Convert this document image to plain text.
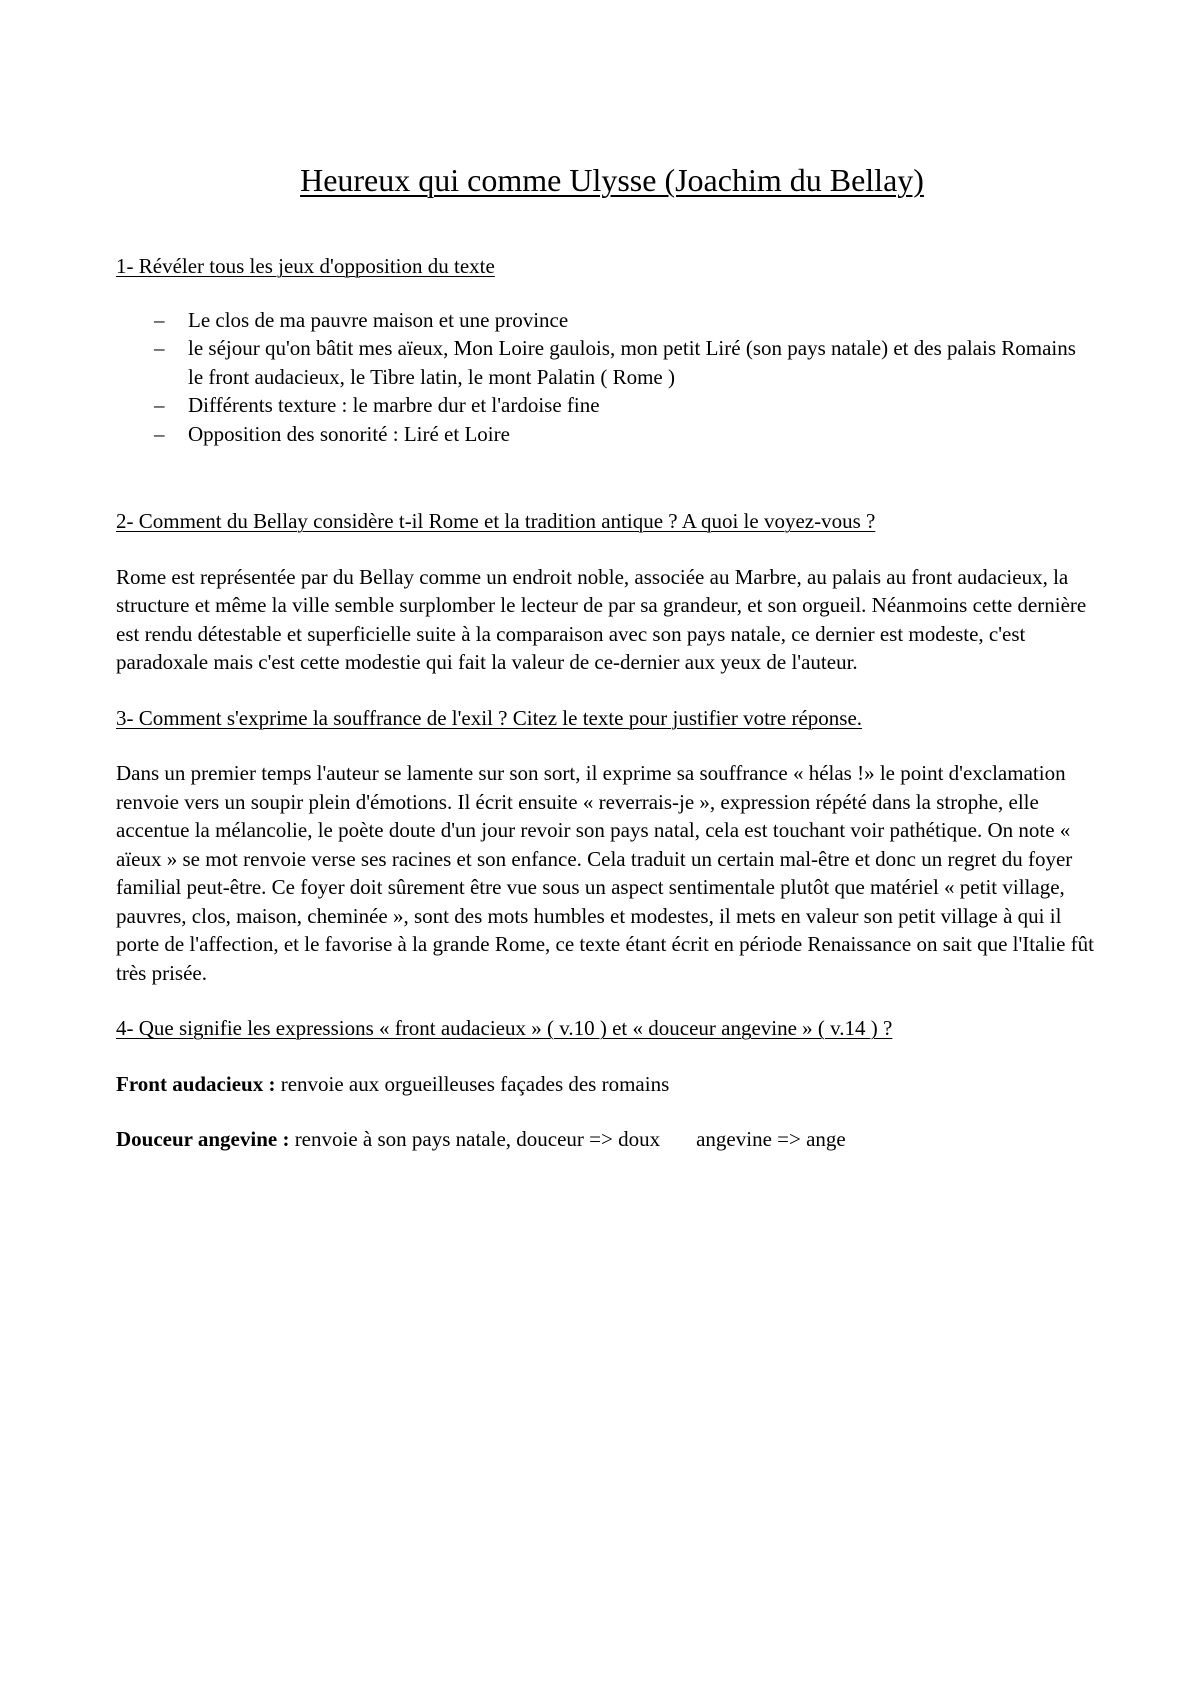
Heureux qui comme Ulysse (Joachim du Bellay)

1- Révéler tous les jeux d'opposition du texte

– Le clos de ma pauvre maison et une province
– le séjour qu'on bâtit mes aïeux, Mon Loire gaulois, mon petit Liré (son pays natale) et des palais Romains le front audacieux, le Tibre latin, le mont Palatin ( Rome )
– Différents texture : le marbre dur et l'ardoise fine
– Opposition des sonorité : Liré et Loire

2- Comment du Bellay considère t-il Rome et la tradition antique ? A quoi le voyez-vous ?

Rome est représentée par du Bellay comme un endroit noble, associée au Marbre, au palais au front audacieux, la structure et même la ville semble surplomber le lecteur de par sa grandeur, et son orgueil. Néanmoins cette dernière est rendu détestable et superficielle suite à la comparaison avec son pays natale, ce dernier est modeste, c'est paradoxale mais c'est cette modestie qui fait la valeur de ce-dernier aux yeux de l'auteur.

3- Comment s'exprime la souffrance de l'exil ? Citez le texte pour justifier votre réponse.

Dans un premier temps l'auteur se lamente sur son sort, il exprime sa souffrance « hélas !» le point d'exclamation renvoie vers un soupir plein d'émotions. Il écrit ensuite « reverrais-je », expression répété dans la strophe, elle accentue la mélancolie, le poète doute d'un jour revoir son pays natal, cela est touchant voir pathétique. On note « aïeux » se mot renvoie verse ses racines et son enfance. Cela traduit un certain mal-être et donc un regret du foyer familial peut-être. Ce foyer doit sûrement être vue sous un aspect sentimentale plutôt que matériel « petit village, pauvres, clos, maison, cheminée », sont des mots humbles et modestes, il mets en valeur son petit village à qui il porte de l'affection, et le favorise à la grande Rome, ce texte étant écrit en période Renaissance on sait que l'Italie fût très prisée.

4- Que signifie les expressions « front audacieux » ( v.10 ) et « douceur angevine » ( v.14 ) ?

Front audacieux : renvoie aux orgueilleuses façades des romains

Douceur angevine : renvoie à son pays natale, douceur => doux angevine => ange
